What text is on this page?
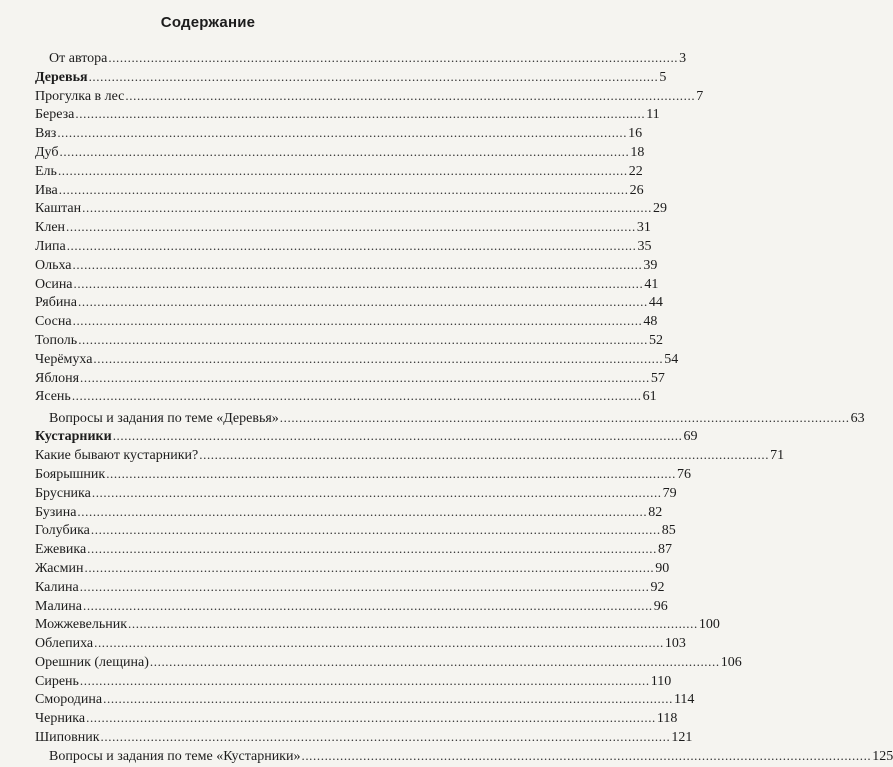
Содержание
От автора .....	3
Деревья .....	5
Прогулка в лес .....	7
Береза .....	11
Вяз .....	16
Дуб .....	18
Ель .....	22
Ива .....	26
Каштан .....	29
Клен .....	31
Липа .....	35
Ольха .....	39
Осина .....	41
Рябина .....	44
Сосна .....	48
Тополь .....	52
Черёмуха .....	54
Яблоня .....	57
Ясень .....	61
Вопросы и задания по теме «Деревья» .....	63
Кустарники .....	69
Какие бывают кустарники? .....	71
Боярышник .....	76
Брусника .....	79
Бузина .....	82
Голубика .....	85
Ежевика .....	87
Жасмин .....	90
Калина .....	92
Малина .....	96
Можжевельник .....	100
Облепиха .....	103
Орешник (лещина) .....	106
Сирень .....	110
Смородина .....	114
Черника .....	118
Шиповник .....	121
Вопросы и задания по теме «Кустарники» .....	125
